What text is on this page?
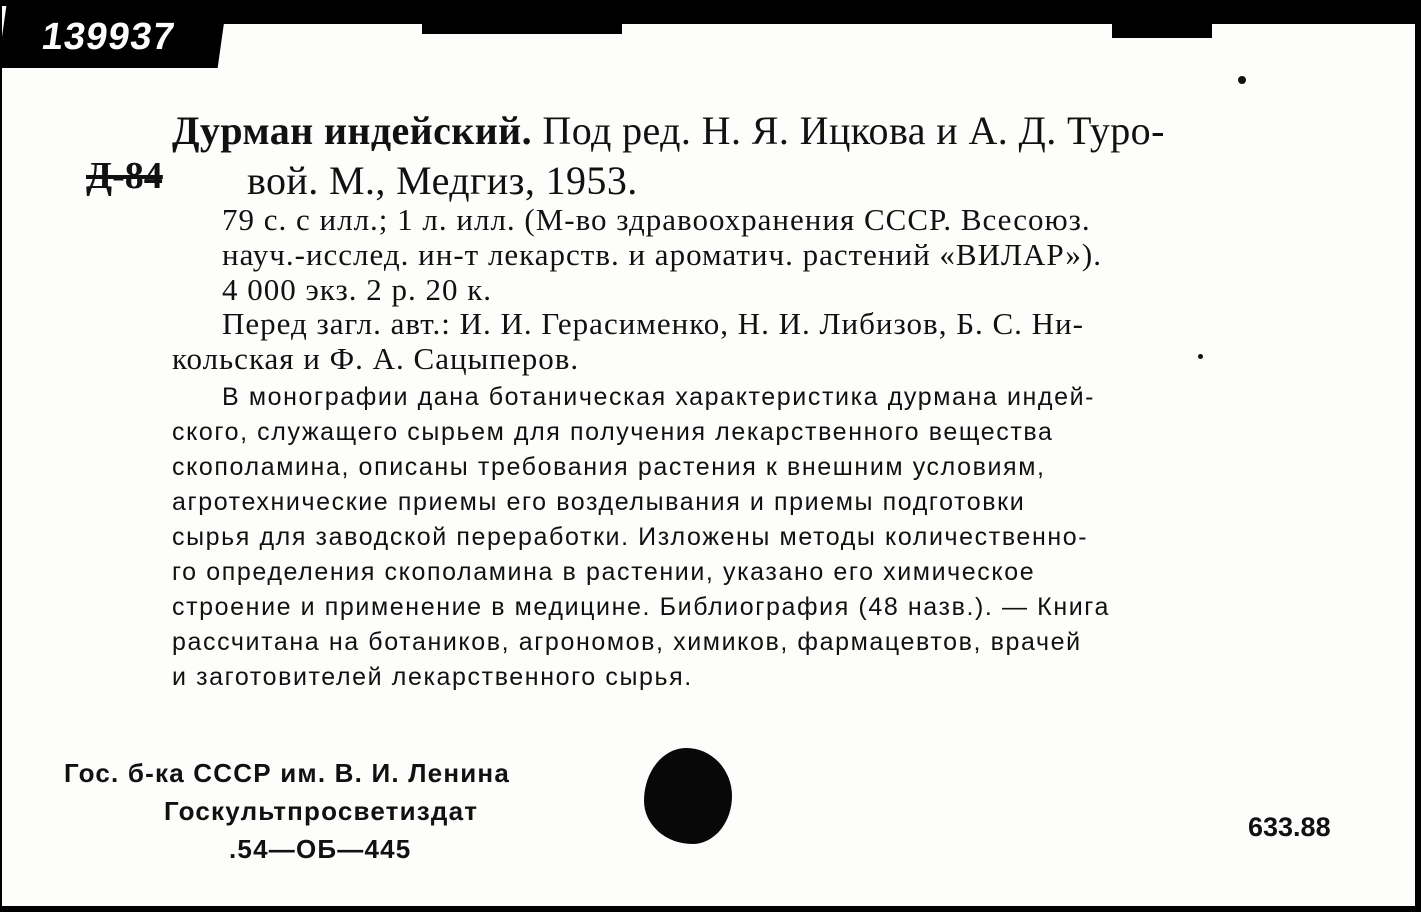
139937
Д-84
Дурман индейский. Под ред. Н. Я. Ицкова и А. Д. Туро-
вой. М., Медгиз, 1953.
79 с. с илл.; 1 л. илл. (М-во здравоохранения СССР. Всесоюз.
науч.-исслед. ин-т лекарств. и ароматич. растений «ВИЛАР»).
4 000 экз. 2 р. 20 к.
Перед загл. авт.: И. И. Герасименко, Н. И. Либизов, Б. С. Ни-
кольская и Ф. А. Сацыперов.
В монографии дана ботаническая характеристика дурмана индей-
ского, служащего сырьем для получения лекарственного вещества
скополамина, описаны требования растения к внешним условиям,
агротехнические приемы его возделывания и приемы подготовки
сырья для заводской переработки. Изложены методы количественно-
го определения скополамина в растении, указано его химическое
строение и применение в медицине. Библиография (48 назв.). — Книга
рассчитана на ботаников, агрономов, химиков, фармацевтов, врачей
и заготовителей лекарственного сырья.
Гос. б-ка СССР им. В. И. Ленина
Госкультпросветиздат
.54—ОБ—445
633.88
